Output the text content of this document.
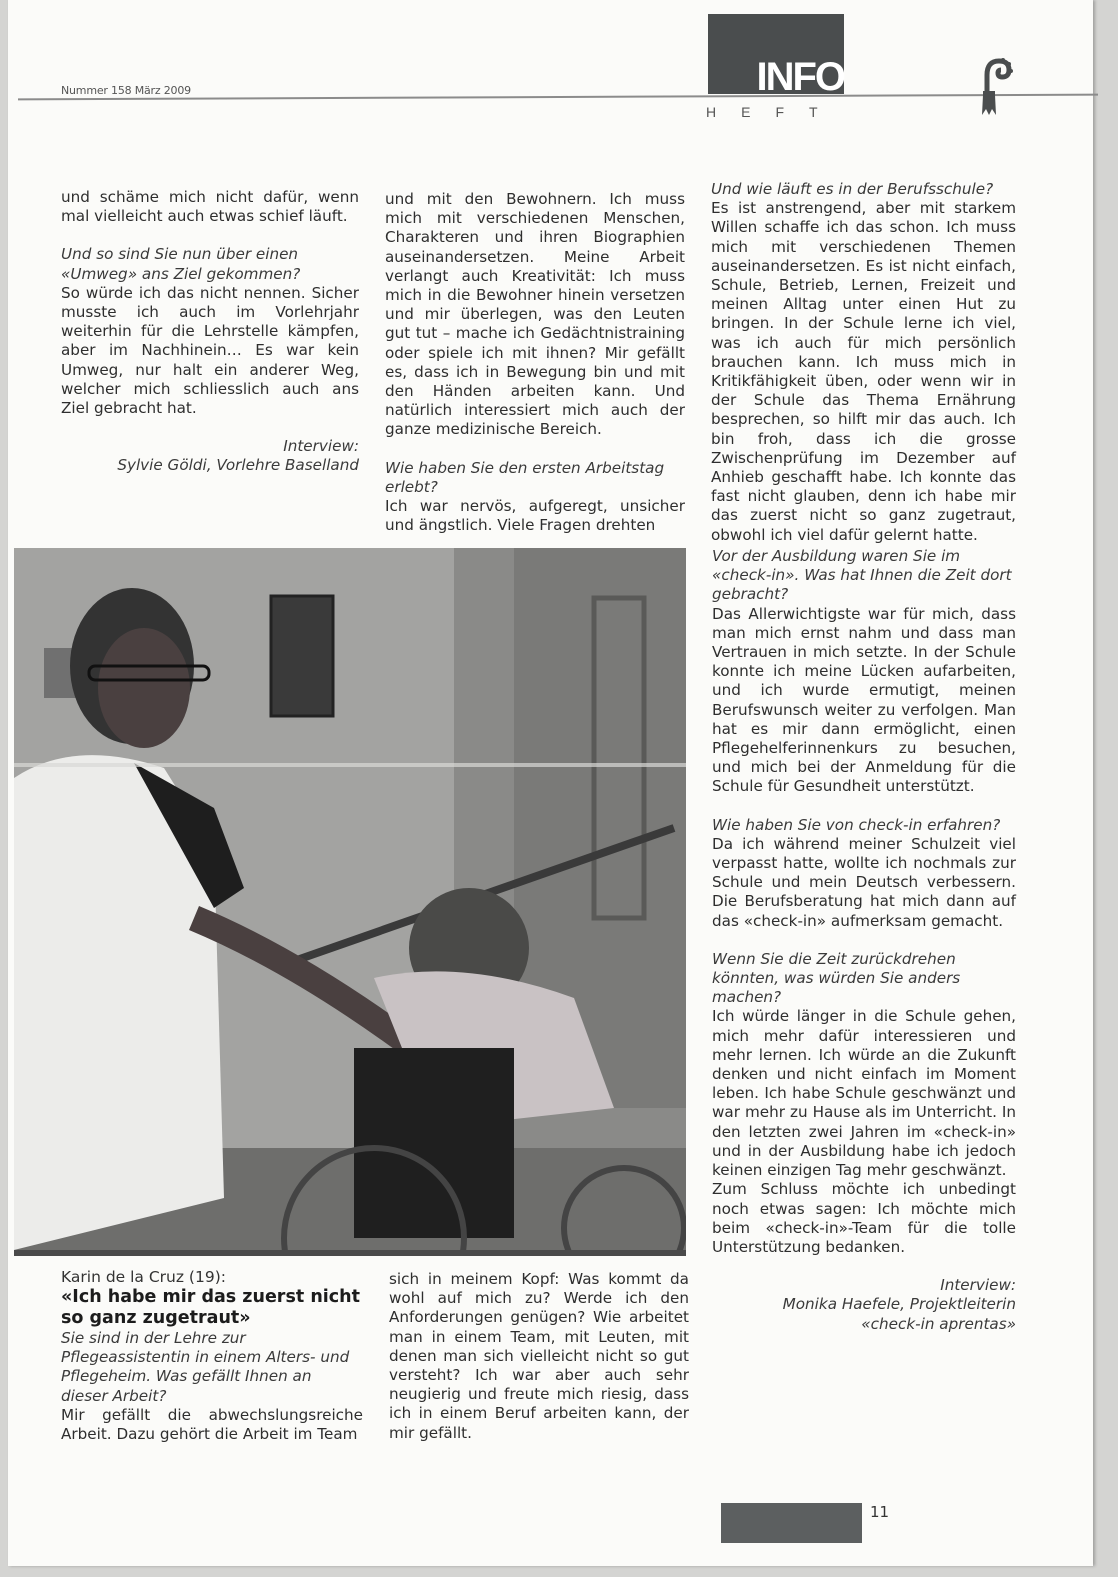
Nummer 158 März 2009	INFO
HEFT

und schäme mich nicht dafür, wenn mal vielleicht auch etwas schief läuft.

Und so sind Sie nun über einen «Umweg» ans Ziel gekommen?

So würde ich das nicht nennen. Sicher musste ich auch im Vorlehrjahr weiterhin für die Lehrstelle kämpfen, aber im Nachhinein… Es war kein Umweg, nur halt ein anderer Weg, welcher mich schliesslich auch ans Ziel gebracht hat.

Interview:

Sylvie Göldi, Vorlehre Baselland

und mit den Bewohnern. Ich muss mich mit verschiedenen Menschen, Charakteren und ihren Biographien auseinandersetzen. Meine Arbeit verlangt auch Kreativität: Ich muss mich in die Bewohner hinein versetzen und mir überlegen, was den Leuten gut tut – mache ich Gedächtnistraining oder spiele ich mit ihnen? Mir gefällt es, dass ich in Bewegung bin und mit den Händen arbeiten kann. Und natürlich interessiert mich auch der ganze medizinische Bereich.

Wie haben Sie den ersten Arbeitstag erlebt?

Ich war nervös, aufgeregt, unsicher und ängstlich. Viele Fragen drehten

Und wie läuft es in der Berufsschule?

Es ist anstrengend, aber mit starkem Willen schaffe ich das schon. Ich muss mich mit verschiedenen Themen auseinandersetzen. Es ist nicht einfach, Schule, Betrieb, Lernen, Freizeit und meinen Alltag unter einen Hut zu bringen. In der Schule lerne ich viel, was ich auch für mich persönlich brauchen kann. Ich muss mich in Kritikfähigkeit üben, oder wenn wir in der Schule das Thema Ernährung besprechen, so hilft mir das auch. Ich bin froh, dass ich die grosse Zwischenprüfung im Dezember auf Anhieb geschafft habe. Ich konnte das fast nicht glauben, denn ich habe mir das zuerst nicht so ganz zugetraut, obwohl ich viel dafür gelernt hatte.

Vor der Ausbildung waren Sie im «check-in». Was hat Ihnen die Zeit dort gebracht?

Das Allerwichtigste war für mich, dass man mich ernst nahm und dass man Vertrauen in mich setzte. In der Schule konnte ich meine Lücken aufarbeiten, und ich wurde ermutigt, meinen Berufswunsch weiter zu verfolgen. Man hat es mir dann ermöglicht, einen Pflegehelferinnenkurs zu besuchen, und mich bei der Anmeldung für die Schule für Gesundheit unterstützt.

Wie haben Sie von check-in erfahren?

Da ich während meiner Schulzeit viel verpasst hatte, wollte ich nochmals zur Schule und mein Deutsch verbessern. Die Berufsberatung hat mich dann auf das «check-in» aufmerksam gemacht.

Wenn Sie die Zeit zurückdrehen könnten, was würden Sie anders machen?

Ich würde länger in die Schule gehen, mich mehr dafür interessieren und mehr lernen. Ich würde an die Zukunft denken und nicht einfach im Moment leben. Ich habe Schule geschwänzt und war mehr zu Hause als im Unterricht. In den letzten zwei Jahren im «check-in» und in der Ausbildung habe ich jedoch keinen einzigen Tag mehr geschwänzt.

Zum Schluss möchte ich unbedingt noch etwas sagen: Ich möchte mich beim «check-in»-Team für die tolle Unterstützung bedanken.

Interview:

Monika Haefele, Projektleiterin

«check-in aprentas»

Karin de la Cruz (19):

«Ich habe mir das zuerst nicht so ganz zugetraut»

Sie sind in der Lehre zur Pflegeassistentin in einem Alters- und Pflegeheim. Was gefällt Ihnen an dieser Arbeit?

Mir gefällt die abwechslungsreiche Arbeit. Dazu gehört die Arbeit im Team

sich in meinem Kopf: Was kommt da wohl auf mich zu? Werde ich den Anforderungen genügen? Wie arbeitet man in einem Team, mit Leuten, mit denen man sich vielleicht nicht so gut versteht? Ich war aber auch sehr neugierig und freute mich riesig, dass ich in einem Beruf arbeiten kann, der mir gefällt.

11
